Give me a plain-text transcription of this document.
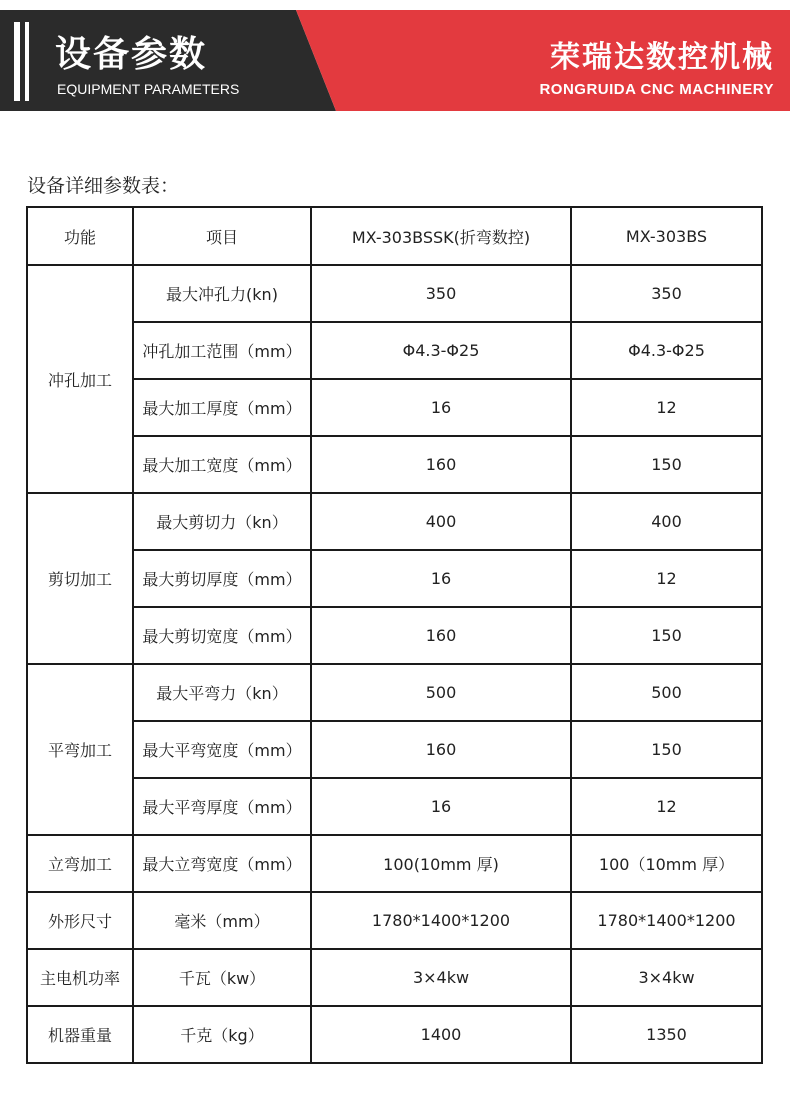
设备参数
EQUIPMENT PARAMETERS
荣瑞达数控机械
RONGRUIDA CNC MACHINERY
设备详细参数表：
功能	项目	MX-303BSSK(折弯数控)	MX-303BS
冲孔加工	最大冲孔力(kn)	350	350
	冲孔加工范围（mm）	Φ4.3-Φ25	Φ4.3-Φ25
	最大加工厚度（mm）	16	12
	最大加工宽度（mm）	160	150
剪切加工	最大剪切力（kn）	400	400
	最大剪切厚度（mm）	16	12
	最大剪切宽度（mm）	160	150
平弯加工	最大平弯力（kn）	500	500
	最大平弯宽度（mm）	160	150
	最大平弯厚度（mm）	16	12
立弯加工	最大立弯宽度（mm）	100(10mm 厚)	100（10mm 厚）
外形尺寸	毫米（mm）	1780*1400*1200	1780*1400*1200
主电机功率	千瓦（kw）	3×4kw	3×4kw
机器重量	千克（kg）	1400	1350
